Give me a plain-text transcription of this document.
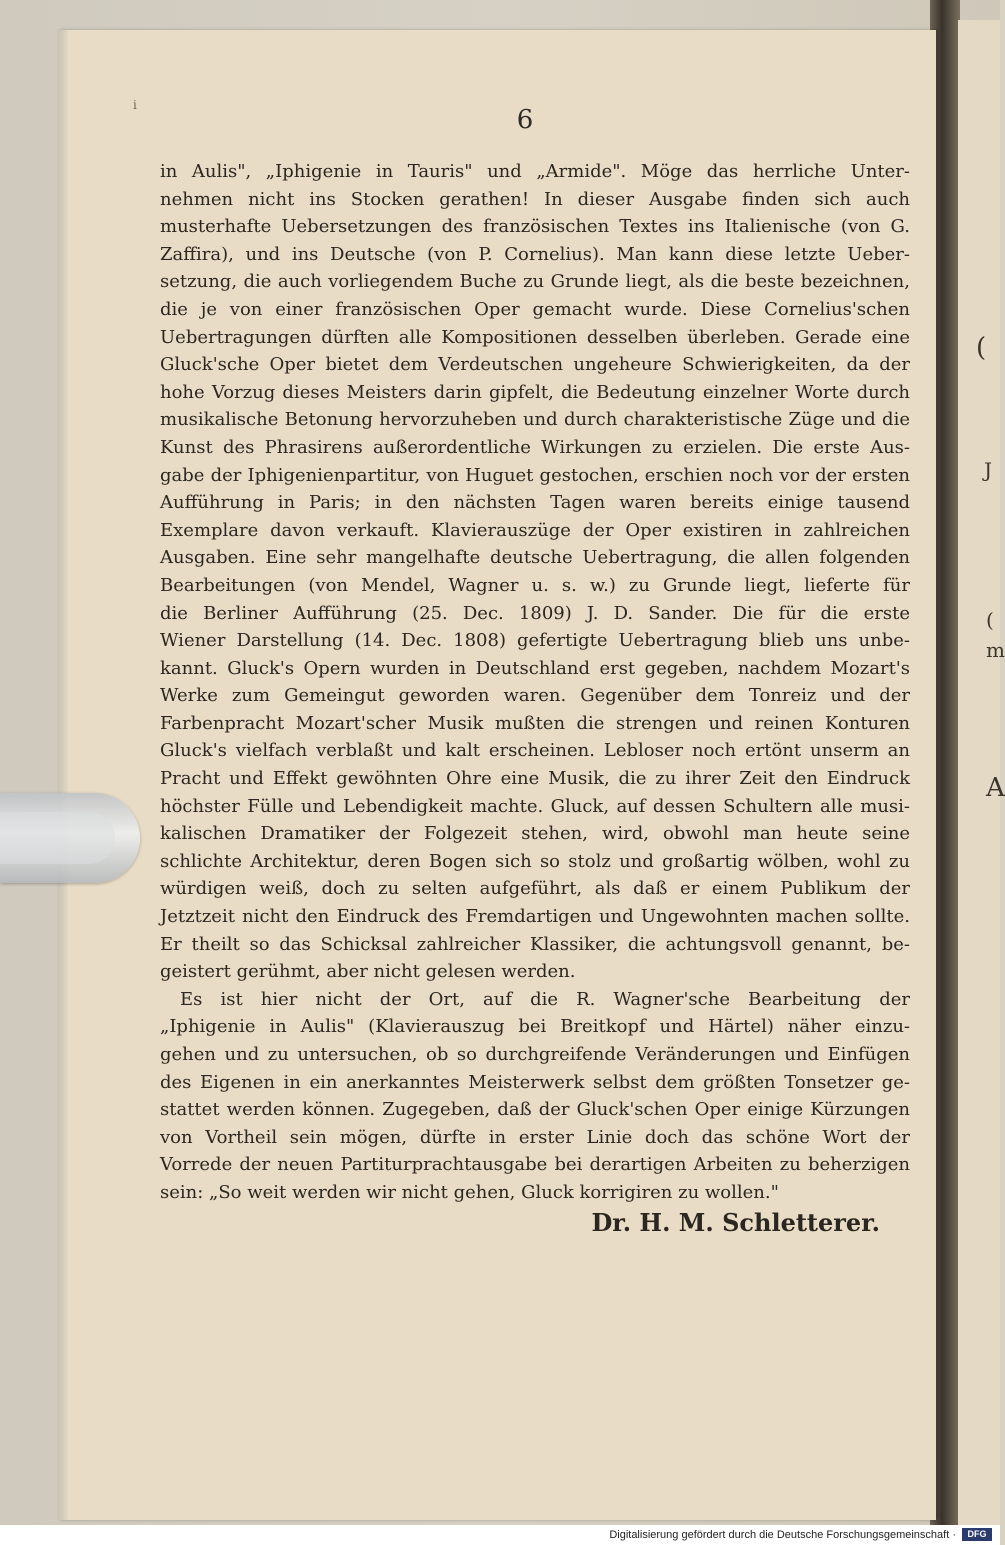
(
J
(
m
A
i	6
in Aulis", „Iphigenie in Tauris" und „Armide". Möge das herrliche Unter-
nehmen nicht ins Stocken gerathen! In dieser Ausgabe finden sich auch
musterhafte Uebersetzungen des französischen Textes ins Italienische (von G.
Zaffira), und ins Deutsche (von P. Cornelius). Man kann diese letzte Ueber-
setzung, die auch vorliegendem Buche zu Grunde liegt, als die beste bezeichnen,
die je von einer französischen Oper gemacht wurde. Diese Cornelius'schen
Uebertragungen dürften alle Kompositionen desselben überleben. Gerade eine
Gluck'sche Oper bietet dem Verdeutschen ungeheure Schwierigkeiten, da der
hohe Vorzug dieses Meisters darin gipfelt, die Bedeutung einzelner Worte durch
musikalische Betonung hervorzuheben und durch charakteristische Züge und die
Kunst des Phrasirens außerordentliche Wirkungen zu erzielen. Die erste Aus-
gabe der Iphigenienpartitur, von Huguet gestochen, erschien noch vor der ersten
Aufführung in Paris; in den nächsten Tagen waren bereits einige tausend
Exemplare davon verkauft. Klavierauszüge der Oper existiren in zahlreichen
Ausgaben. Eine sehr mangelhafte deutsche Uebertragung, die allen folgenden
Bearbeitungen (von Mendel, Wagner u. s. w.) zu Grunde liegt, lieferte für
die Berliner Aufführung (25. Dec. 1809) J. D. Sander. Die für die erste
Wiener Darstellung (14. Dec. 1808) gefertigte Uebertragung blieb uns unbe-
kannt. Gluck's Opern wurden in Deutschland erst gegeben, nachdem Mozart's
Werke zum Gemeingut geworden waren. Gegenüber dem Tonreiz und der
Farbenpracht Mozart'scher Musik mußten die strengen und reinen Konturen
Gluck's vielfach verblaßt und kalt erscheinen. Lebloser noch ertönt unserm an
Pracht und Effekt gewöhnten Ohre eine Musik, die zu ihrer Zeit den Eindruck
höchster Fülle und Lebendigkeit machte. Gluck, auf dessen Schultern alle musi-
kalischen Dramatiker der Folgezeit stehen, wird, obwohl man heute seine
schlichte Architektur, deren Bogen sich so stolz und großartig wölben, wohl zu
würdigen weiß, doch zu selten aufgeführt, als daß er einem Publikum der
Jetztzeit nicht den Eindruck des Fremdartigen und Ungewohnten machen sollte.
Er theilt so das Schicksal zahlreicher Klassiker, die achtungsvoll genannt, be-
geistert gerühmt, aber nicht gelesen werden.
Es ist hier nicht der Ort, auf die R. Wagner'sche Bearbeitung der
„Iphigenie in Aulis" (Klavierauszug bei Breitkopf und Härtel) näher einzu-
gehen und zu untersuchen, ob so durchgreifende Veränderungen und Einfügen
des Eigenen in ein anerkanntes Meisterwerk selbst dem größten Tonsetzer ge-
stattet werden können. Zugegeben, daß der Gluck'schen Oper einige Kürzungen
von Vortheil sein mögen, dürfte in erster Linie doch das schöne Wort der
Vorrede der neuen Partiturprachtausgabe bei derartigen Arbeiten zu beherzigen
sein: „So weit werden wir nicht gehen, Gluck korrigiren zu wollen."
Dr. H. M. Schletterer.
Digitalisierung gefördert durch die Deutsche Forschungsgemeinschaft ·	DFG
